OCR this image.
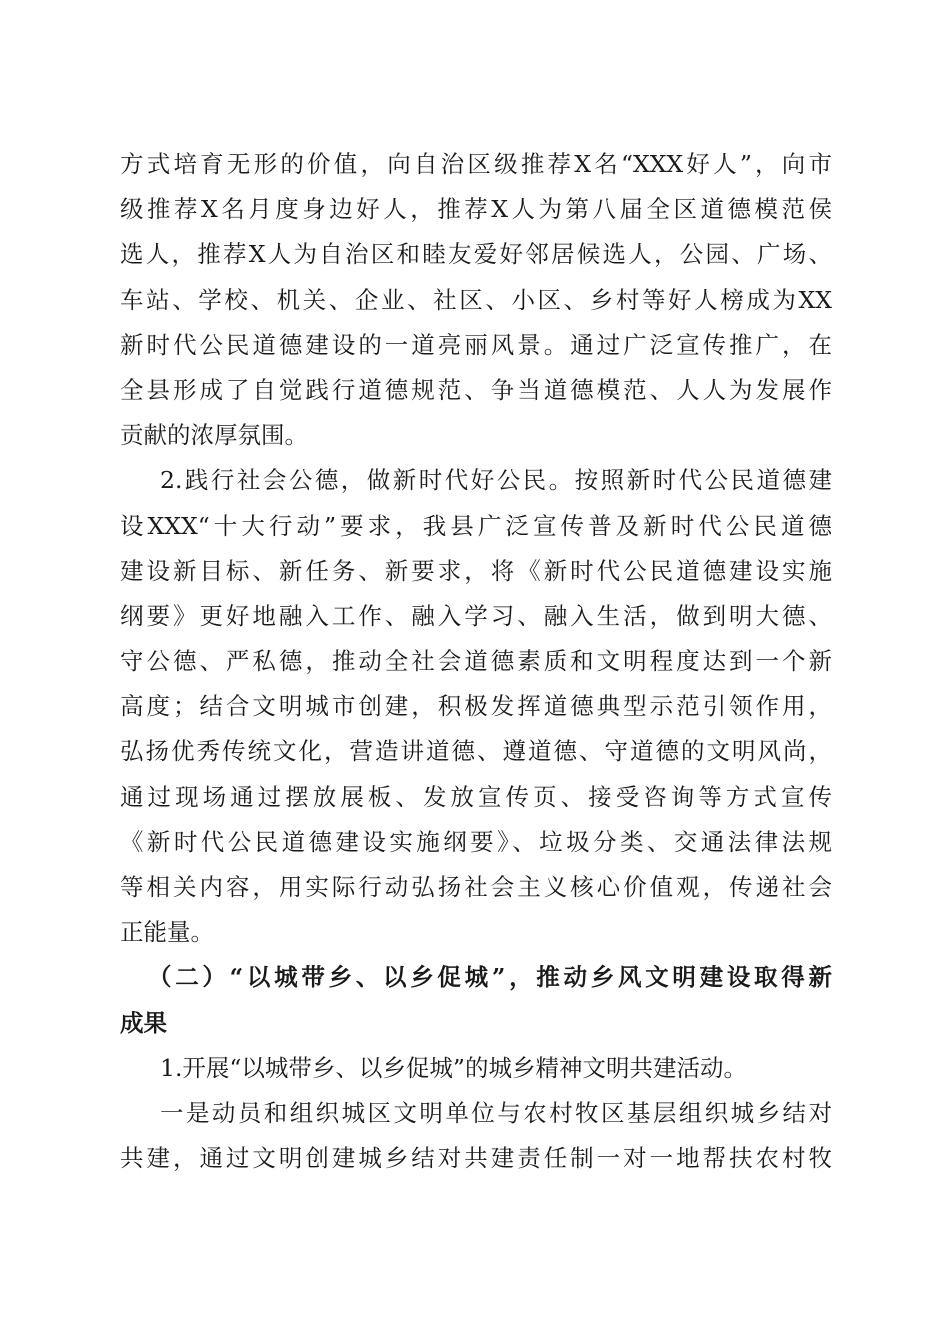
方式培育无形的价值，向自治区级推荐X名“XXX好人”，向市
级推荐X名月度身边好人，推荐X人为第八届全区道德模范侯
选人，推荐X人为自治区和睦友爱好邻居候选人，公园、广场、
车站、学校、机关、企业、社区、小区、乡村等好人榜成为XX
新时代公民道德建设的一道亮丽风景。通过广泛宣传推广，在
全县形成了自觉践行道德规范、争当道德模范、人人为发展作
贡献的浓厚氛围。
2.践行社会公德，做新时代好公民。按照新时代公民道德建
设XXX“十大行动”要求，我县广泛宣传普及新时代公民道德
建设新目标、新任务、新要求，将《新时代公民道德建设实施
纲要》更好地融入工作、融入学习、融入生活，做到明大德、
守公德、严私德，推动全社会道德素质和文明程度达到一个新
高度；结合文明城市创建，积极发挥道德典型示范引领作用，
弘扬优秀传统文化，营造讲道德、遵道德、守道德的文明风尚，
通过现场通过摆放展板、发放宣传页、接受咨询等方式宣传
《新时代公民道德建设实施纲要》、垃圾分类、交通法律法规
等相关内容，用实际行动弘扬社会主义核心价值观，传递社会
正能量。
（二）“以城带乡、以乡促城”，推动乡风文明建设取得新
成果
1.开展“以城带乡、以乡促城”的城乡精神文明共建活动。
一是动员和组织城区文明单位与农村牧区基层组织城乡结对
共建，通过文明创建城乡结对共建责任制一对一地帮扶农村牧
